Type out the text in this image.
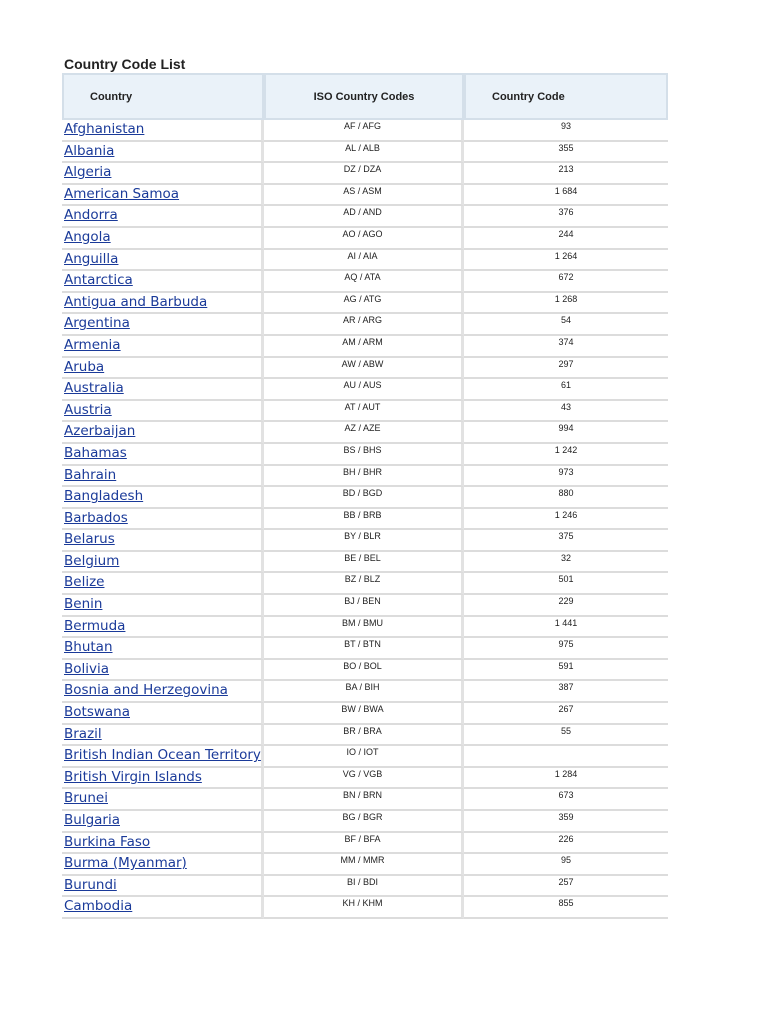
Country Code List
Country	ISO Country Codes	Country Code
Afghanistan	AF / AFG	93
Albania	AL / ALB	355
Algeria	DZ / DZA	213
American Samoa	AS / ASM	1 684
Andorra	AD / AND	376
Angola	AO / AGO	244
Anguilla	AI / AIA	1 264
Antarctica	AQ / ATA	672
Antigua and Barbuda	AG / ATG	1 268
Argentina	AR / ARG	54
Armenia	AM / ARM	374
Aruba	AW / ABW	297
Australia	AU / AUS	61
Austria	AT / AUT	43
Azerbaijan	AZ / AZE	994
Bahamas	BS / BHS	1 242
Bahrain	BH / BHR	973
Bangladesh	BD / BGD	880
Barbados	BB / BRB	1 246
Belarus	BY / BLR	375
Belgium	BE / BEL	32
Belize	BZ / BLZ	501
Benin	BJ / BEN	229
Bermuda	BM / BMU	1 441
Bhutan	BT / BTN	975
Bolivia	BO / BOL	591
Bosnia and Herzegovina	BA / BIH	387
Botswana	BW / BWA	267
Brazil	BR / BRA	55
British Indian Ocean Territory	IO / IOT	
British Virgin Islands	VG / VGB	1 284
Brunei	BN / BRN	673
Bulgaria	BG / BGR	359
Burkina Faso	BF / BFA	226
Burma (Myanmar)	MM / MMR	95
Burundi	BI / BDI	257
Cambodia	KH / KHM	855
